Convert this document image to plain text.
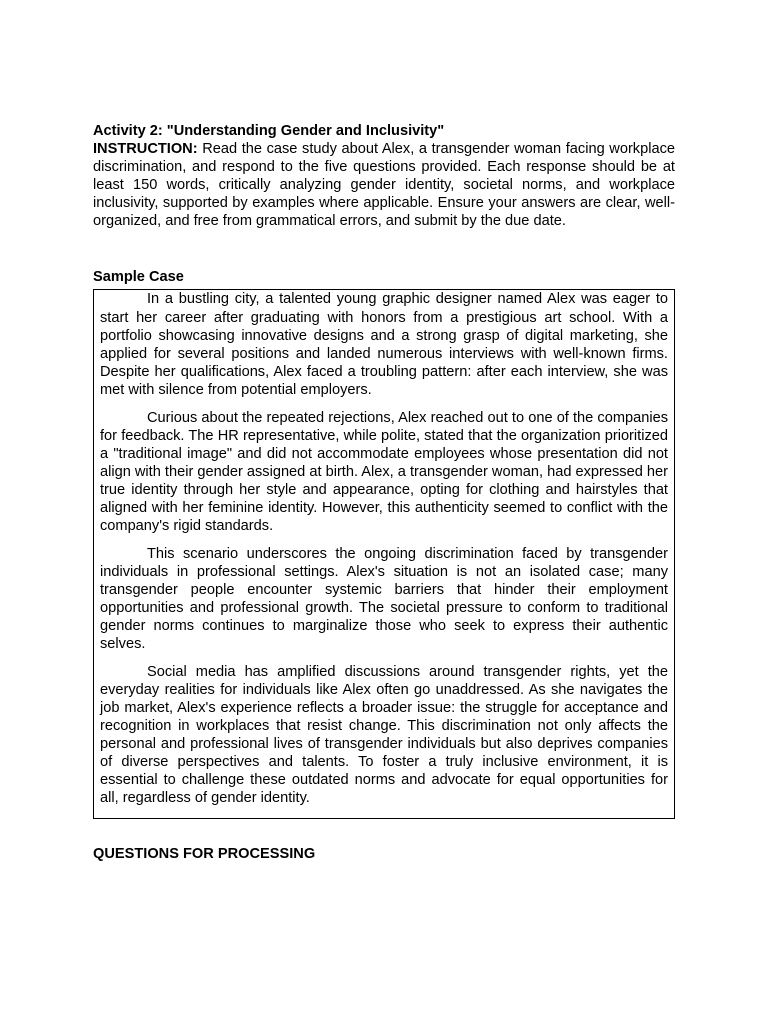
Activity 2: "Understanding Gender and Inclusivity"

INSTRUCTION: Read the case study about Alex, a transgender woman facing workplace discrimination, and respond to the five questions provided. Each response should be at least 150 words, critically analyzing gender identity, societal norms, and workplace inclusivity, supported by examples where applicable. Ensure your answers are clear, well-organized, and free from grammatical errors, and submit by the due date.

Sample Case

In a bustling city, a talented young graphic designer named Alex was eager to start her career after graduating with honors from a prestigious art school. With a portfolio showcasing innovative designs and a strong grasp of digital marketing, she applied for several positions and landed numerous interviews with well-known firms. Despite her qualifications, Alex faced a troubling pattern: after each interview, she was met with silence from potential employers.

Curious about the repeated rejections, Alex reached out to one of the companies for feedback. The HR representative, while polite, stated that the organization prioritized a "traditional image" and did not accommodate employees whose presentation did not align with their gender assigned at birth. Alex, a transgender woman, had expressed her true identity through her style and appearance, opting for clothing and hairstyles that aligned with her feminine identity. However, this authenticity seemed to conflict with the company's rigid standards.

This scenario underscores the ongoing discrimination faced by transgender individuals in professional settings. Alex's situation is not an isolated case; many transgender people encounter systemic barriers that hinder their employment opportunities and professional growth. The societal pressure to conform to traditional gender norms continues to marginalize those who seek to express their authentic selves.

Social media has amplified discussions around transgender rights, yet the everyday realities for individuals like Alex often go unaddressed. As she navigates the job market, Alex's experience reflects a broader issue: the struggle for acceptance and recognition in workplaces that resist change. This discrimination not only affects the personal and professional lives of transgender individuals but also deprives companies of diverse perspectives and talents. To foster a truly inclusive environment, it is essential to challenge these outdated norms and advocate for equal opportunities for all, regardless of gender identity.

QUESTIONS FOR PROCESSING
